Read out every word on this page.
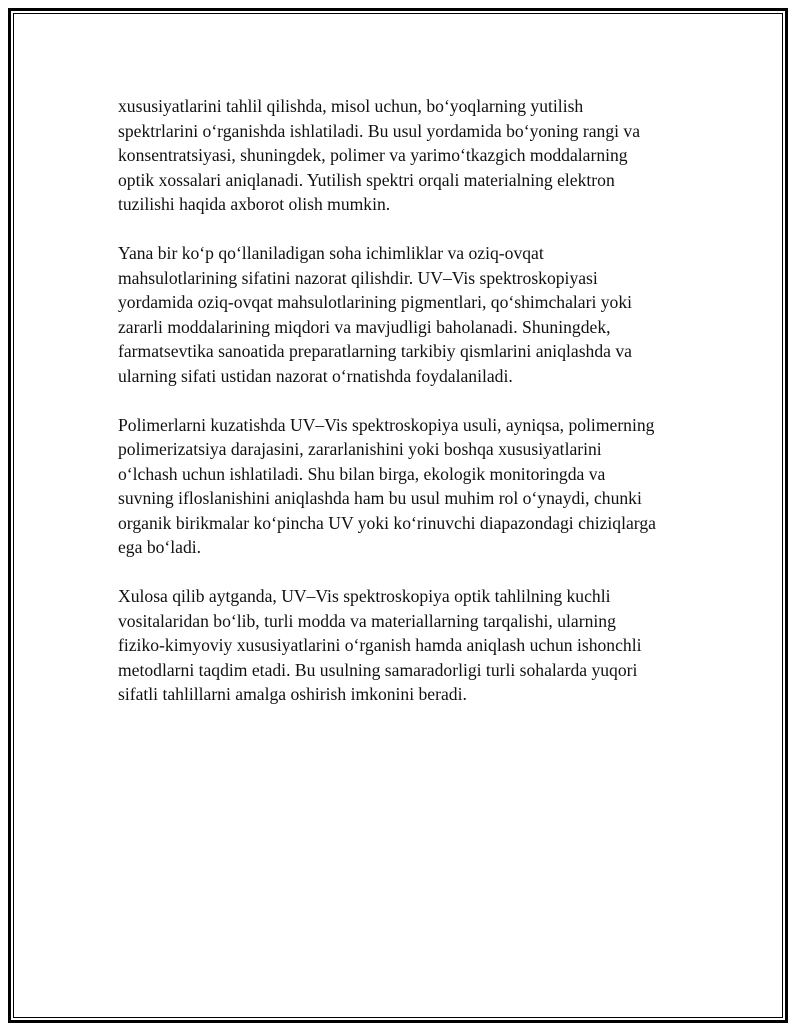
xususiyatlarini tahlil qilishda, misol uchun, bo‘yoqlarning yutilish
spektrlarini o‘rganishda ishlatiladi. Bu usul yordamida bo‘yoning rangi va
konsentratsiyasi, shuningdek, polimer va yarimo‘tkazgich moddalarning
optik xossalari aniqlanadi. Yutilish spektri orqali materialning elektron
tuzilishi haqida axborot olish mumkin.

Yana bir ko‘p qo‘llaniladigan soha ichimliklar va oziq-ovqat
mahsulotlarining sifatini nazorat qilishdir. UV–Vis spektroskopiyasi
yordamida oziq-ovqat mahsulotlarining pigmentlari, qo‘shimchalari yoki
zararli moddalarining miqdori va mavjudligi baholanadi. Shuningdek,
farmatsevtika sanoatida preparatlarning tarkibiy qismlarini aniqlashda va
ularning sifati ustidan nazorat o‘rnatishda foydalaniladi.

Polimerlarni kuzatishda UV–Vis spektroskopiya usuli, ayniqsa, polimerning
polimerizatsiya darajasini, zararlanishini yoki boshqa xususiyatlarini
o‘lchash uchun ishlatiladi. Shu bilan birga, ekologik monitoringda va
suvning ifloslanishini aniqlashda ham bu usul muhim rol o‘ynaydi, chunki
organik birikmalar ko‘pincha UV yoki ko‘rinuvchi diapazondagi chiziqlarga
ega bo‘ladi.

Xulosa qilib aytganda, UV–Vis spektroskopiya optik tahlilning kuchli
vositalaridan bo‘lib, turli modda va materiallarning tarqalishi, ularning
fiziko-kimyoviy xususiyatlarini o‘rganish hamda aniqlash uchun ishonchli
metodlarni taqdim etadi. Bu usulning samaradorligi turli sohalarda yuqori
sifatli tahlillarni amalga oshirish imkonini beradi.
